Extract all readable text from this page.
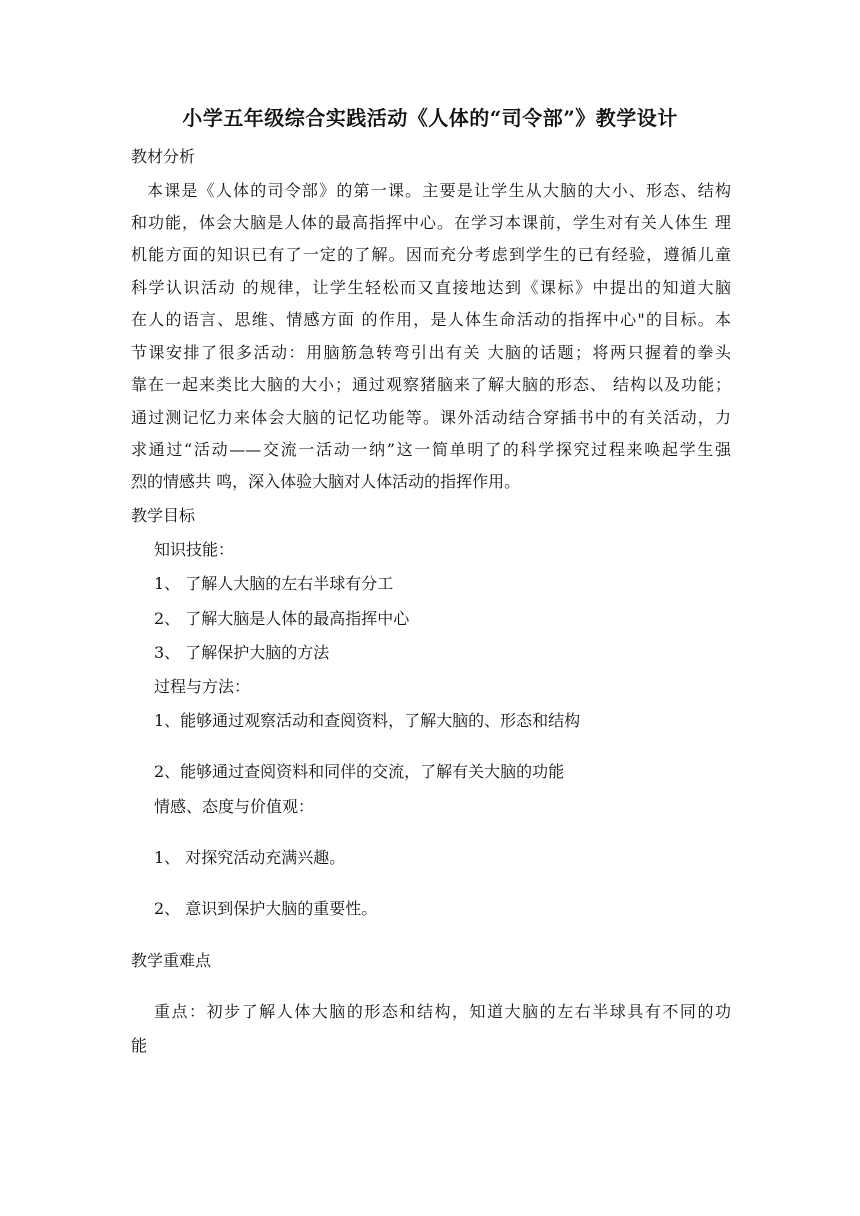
小学五年级综合实践活动《人体的“司令部”》教学设计
教材分析
本课是《人体的司令部》的第一课。主要是让学生从大脑的大小、形态、结构
和功能，体会大脑是人体的最高指挥中心。在学习本课前，学生对有关人体生 理
机能方面的知识已有了一定的了解。因而充分考虑到学生的已有经验，遵循儿童
科学认识活动 的规律，让学生轻松而又直接地达到《课标》中提出的知道大脑
在人的语言、思维、情感方面 的作用，是人体生命活动的指挥中心"的目标。本
节课安排了很多活动：用脑筋急转弯引出有关 大脑的话题；将两只握着的拳头
靠在一起来类比大脑的大小；通过观察猪脑来了解大脑的形态、 结构以及功能；
通过测记忆力来体会大脑的记忆功能等。课外活动结合穿插书中的有关活动，力
求通过“活动——交流一活动一纳”这一简单明了的科学探究过程来唤起学生强
烈的情感共 鸣，深入体验大脑对人体活动的指挥作用。
教学目标
知识技能：
1、 了解人大脑的左右半球有分工
2、 了解大脑是人体的最高指挥中心
3、 了解保护大脑的方法
过程与方法：
1、能够通过观察活动和查阅资料，了解大脑的、形态和结构
2、能够通过查阅资料和同伴的交流，了解有关大脑的功能
情感、态度与价值观：
1、 对探究活动充满兴趣。
2、 意识到保护大脑的重要性。
教学重难点
重点：初步了解人体大脑的形态和结构，知道大脑的左右半球具有不同的功
能
